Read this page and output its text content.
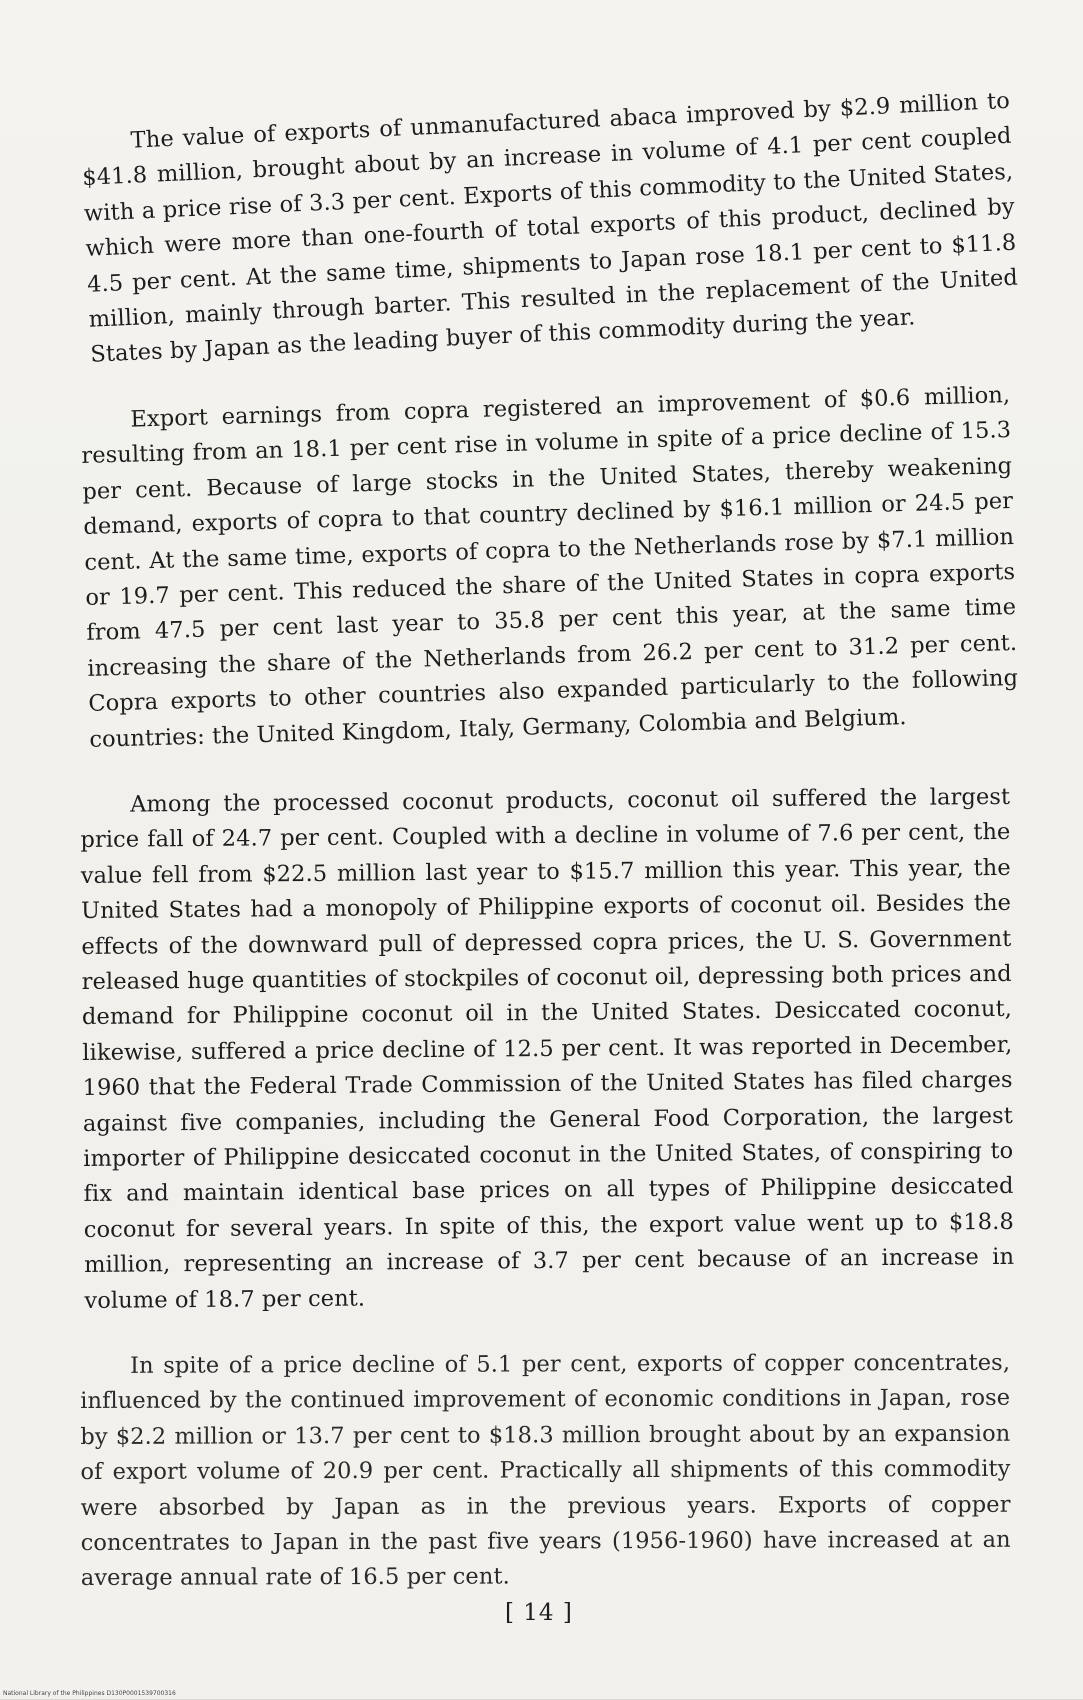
The value of exports of unmanufactured abaca improved by $2.9 million to $41.8 million, brought about by an increase in volume of 4.1 per cent coupled with a price rise of 3.3 per cent. Exports of this commodity to the United States, which were more than one-fourth of total exports of this product, declined by 4.5 per cent. At the same time, shipments to Japan rose 18.1 per cent to $11.8 million, mainly through barter. This resulted in the replacement of the United States by Japan as the leading buyer of this commodity during the year.

Export earnings from copra registered an improvement of $0.6 million, resulting from an 18.1 per cent rise in volume in spite of a price decline of 15.3 per cent. Because of large stocks in the United States, thereby weakening demand, exports of copra to that country declined by $16.1 million or 24.5 per cent. At the same time, exports of copra to the Netherlands rose by $7.1 million or 19.7 per cent. This reduced the share of the United States in copra exports from 47.5 per cent last year to 35.8 per cent this year, at the same time increasing the share of the Netherlands from 26.2 per cent to 31.2 per cent. Copra exports to other countries also expanded particularly to the following countries: the United Kingdom, Italy, Germany, Colombia and Belgium.

Among the processed coconut products, coconut oil suffered the largest price fall of 24.7 per cent. Coupled with a decline in volume of 7.6 per cent, the value fell from $22.5 million last year to $15.7 million this year. This year, the United States had a monopoly of Philippine exports of coconut oil. Besides the effects of the downward pull of depressed copra prices, the U. S. Government released huge quantities of stockpiles of coconut oil, depressing both prices and demand for Philippine coconut oil in the United States. Desiccated coconut, likewise, suffered a price decline of 12.5 per cent. It was reported in December, 1960 that the Federal Trade Commission of the United States has filed charges against five companies, including the General Food Corporation, the largest importer of Philippine desiccated coconut in the United States, of conspiring to fix and maintain identical base prices on all types of Philippine desiccated coconut for several years. In spite of this, the export value went up to $18.8 million, representing an increase of 3.7 per cent because of an increase in volume of 18.7 per cent.

In spite of a price decline of 5.1 per cent, exports of copper concentrates, influenced by the continued improvement of economic conditions in Japan, rose by $2.2 million or 13.7 per cent to $18.3 million brought about by an expansion of export volume of 20.9 per cent. Practically all shipments of this commodity were absorbed by Japan as in the previous years. Exports of copper concentrates to Japan in the past five years (1956-1960) have increased at an average annual rate of 16.5 per cent.

[ 14 ]
National Library of the Philippines D130P0001539700316
